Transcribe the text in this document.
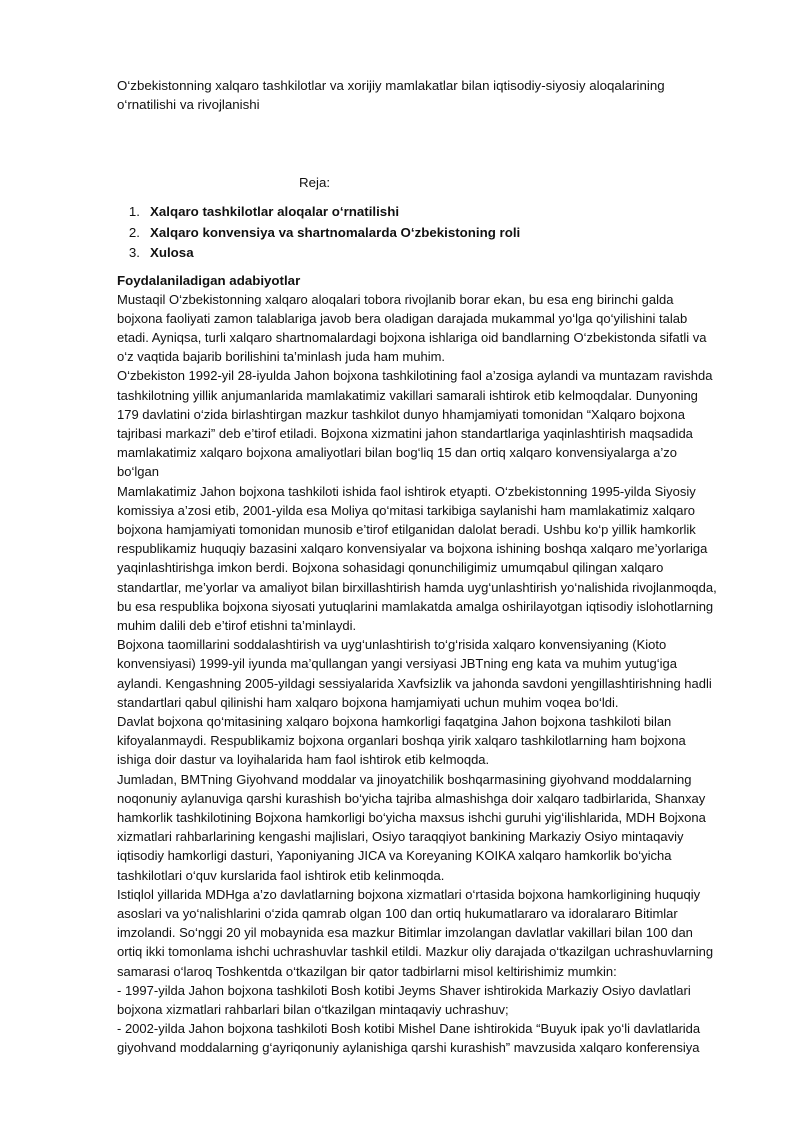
O‘zbekistonning xalqaro tashkilotlar va xorijiy mamlakatlar bilan iqtisodiy-siyosiy aloqalarining o‘rnatilishi va rivojlanishi

Reja:

1. Xalqaro tashkilotlar aloqalar o‘rnatilishi
2. Xalqaro konvensiya va shartnomalarda O‘zbekistoning roli
3. Xulosa

Foydalaniladigan adabiyotlar

Mustaqil O‘zbekistonning xalqaro aloqalari tobora rivojlanib borar ekan, bu esa eng birinchi galda bojxona faoliyati zamon talablariga javob bera oladigan darajada mukammal yo‘lga qo‘yilishini talab etadi. Ayniqsa, turli xalqaro shartnomalardagi bojxona ishlariga oid bandlarning O‘zbekistonda sifatli va o‘z vaqtida bajarib borilishini ta’minlash juda ham muhim.

O‘zbekiston 1992-yil 28-iyulda Jahon bojxona tashkilotining faol a’zosiga aylandi va muntazam ravishda tashkilotning yillik anjumanlarida mamlakatimiz vakillari samarali ishtirok etib kelmoqdalar. Dunyoning 179 davlatini o‘zida birlashtirgan mazkur tashkilot dunyo hhamjamiyati tomonidan “Xalqaro bojxona tajribasi markazi” deb e’tirof etiladi. Bojxona xizmatini jahon standartlariga yaqinlashtirish maqsadida mamlakatimiz xalqaro bojxona amaliyotlari bilan bog‘liq 15 dan ortiq xalqaro konvensiyalarga a’zo bo‘lgan

Mamlakatimiz Jahon bojxona tashkiloti ishida faol ishtirok etyapti. O‘zbekistonning 1995-yilda Siyosiy komissiya a’zosi etib, 2001-yilda esa Moliya qo‘mitasi tarkibiga saylanishi ham mamlakatimiz xalqaro bojxona hamjamiyati tomonidan munosib e’tirof etilganidan dalolat beradi. Ushbu ko‘p yillik hamkorlik respublikamiz huquqiy bazasini xalqaro konvensiyalar va bojxona ishining boshqa xalqaro me’yorlariga yaqinlashtirishga imkon berdi. Bojxona sohasidagi qonunchiligimiz umumqabul qilingan xalqaro standartlar, me’yorlar va amaliyot bilan birxillashtirish hamda uyg‘unlashtirish yo‘nalishida rivojlanmoqda, bu esa respublika bojxona siyosati yutuqlarini mamlakatda amalga oshirilayotgan iqtisodiy islohotlarning muhim dalili deb e’tirof etishni ta’minlaydi.

Bojxona taomillarini soddalashtirish va uyg‘unlashtirish to‘g‘risida xalqaro konvensiyaning (Kioto konvensiyasi) 1999-yil iyunda ma’qullangan yangi versiyasi JBTning eng kata va muhim yutug‘iga aylandi. Kengashning 2005-yildagi sessiyalarida Xavfsizlik va jahonda savdoni yengillashtirishning hadli standartlari qabul qilinishi ham xalqaro bojxona hamjamiyati uchun muhim voqea bo‘ldi.

Davlat bojxona qo‘mitasining xalqaro bojxona hamkorligi faqatgina Jahon bojxona tashkiloti bilan kifoyalanmaydi. Respublikamiz bojxona organlari boshqa yirik xalqaro tashkilotlarning ham bojxona ishiga doir dastur va loyihalarida ham faol ishtirok etib kelmoqda.

Jumladan, BMTning Giyohvand moddalar va jinoyatchilik boshqarmasining giyohvand moddalarning noqonuniy aylanuviga qarshi kurashish bo‘yicha tajriba almashishga doir xalqaro tadbirlarida, Shanxay hamkorlik tashkilotining Bojxona hamkorligi bo‘yicha maxsus ishchi guruhi yig‘ilishlarida, MDH Bojxona xizmatlari rahbarlarining kengashi majlislari, Osiyo taraqqiyot bankining Markaziy Osiyo mintaqaviy iqtisodiy hamkorligi dasturi, Yaponiyaning JICA va Koreyaning KOIKA xalqaro hamkorlik bo‘yicha tashkilotlari o‘quv kurslarida faol ishtirok etib kelinmoqda.

Istiqlol yillarida MDHga a’zo davlatlarning bojxona xizmatlari o‘rtasida bojxona hamkorligining huquqiy asoslari va yo‘nalishlarini o‘zida qamrab olgan 100 dan ortiq hukumatlararo va idoralararo Bitimlar imzolandi. So‘nggi 20 yil mobaynida esa mazkur Bitimlar imzolangan davlatlar vakillari bilan 100 dan ortiq ikki tomonlama ishchi uchrashuvlar tashkil etildi. Mazkur oliy darajada o‘tkazilgan uchrashuvlarning samarasi o‘laroq Toshkentda o‘tkazilgan bir qator tadbirlarni misol keltirishimiz mumkin:

- 1997-yilda Jahon bojxona tashkiloti Bosh kotibi Jeyms Shaver ishtirokida Markaziy Osiyo davlatlari bojxona xizmatlari rahbarlari bilan o‘tkazilgan mintaqaviy uchrashuv;

- 2002-yilda Jahon bojxona tashkiloti Bosh kotibi Mishel Dane ishtirokida “Buyuk ipak yo‘li davlatlarida giyohvand moddalarning g‘ayriqonuniy aylanishiga qarshi kurashish” mavzusida xalqaro konferensiya
